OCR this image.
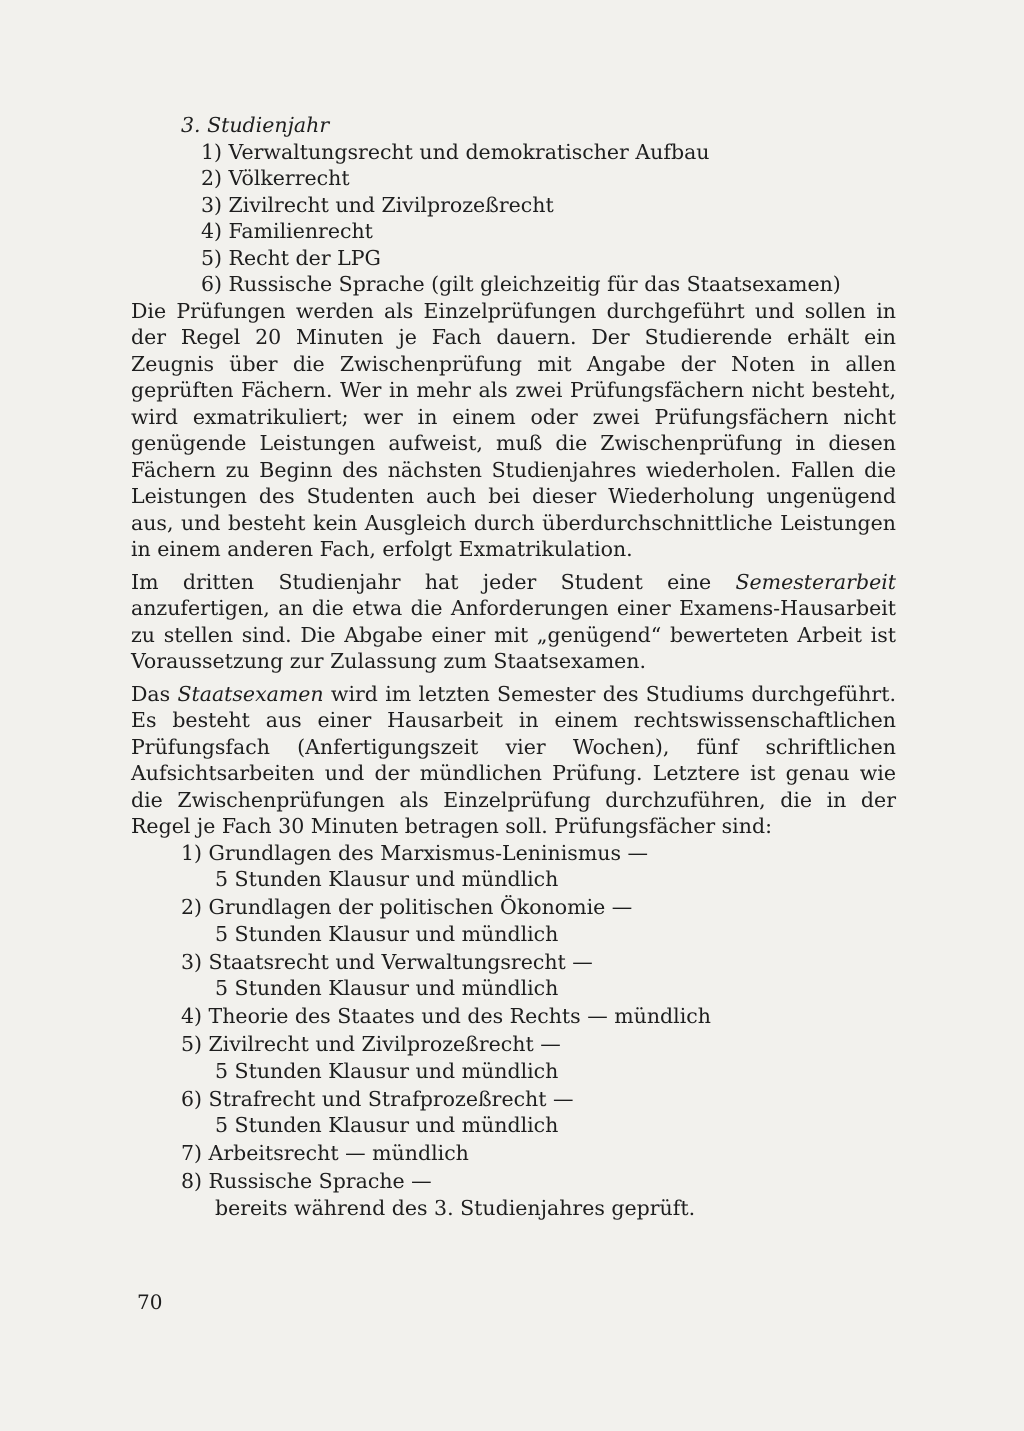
3. Studienjahr
1) Verwaltungsrecht und demokratischer Aufbau
2) Völkerrecht
3) Zivilrecht und Zivilprozeßrecht
4) Familienrecht
5) Recht der LPG
6) Russische Sprache (gilt gleichzeitig für das Staatsexamen)

Die Prüfungen werden als Einzelprüfungen durchgeführt und sollen in der Regel 20 Minuten je Fach dauern. Der Studierende erhält ein Zeugnis über die Zwischenprüfung mit Angabe der Noten in allen geprüften Fächern. Wer in mehr als zwei Prüfungsfächern nicht besteht, wird exmatrikuliert; wer in einem oder zwei Prüfungsfächern nicht genügende Leistungen aufweist, muß die Zwischenprüfung in diesen Fächern zu Beginn des nächsten Studienjahres wiederholen. Fallen die Leistungen des Studenten auch bei dieser Wiederholung ungenügend aus, und besteht kein Ausgleich durch überdurchschnittliche Leistungen in einem anderen Fach, erfolgt Exmatrikulation.

Im dritten Studienjahr hat jeder Student eine Semesterarbeit anzufertigen, an die etwa die Anforderungen einer Examens-Hausarbeit zu stellen sind. Die Abgabe einer mit „genügend“ bewerteten Arbeit ist Voraussetzung zur Zulassung zum Staatsexamen.

Das Staatsexamen wird im letzten Semester des Studiums durchgeführt. Es besteht aus einer Hausarbeit in einem rechtswissenschaftlichen Prüfungsfach (Anfertigungszeit vier Wochen), fünf schriftlichen Aufsichtsarbeiten und der mündlichen Prüfung. Letztere ist genau wie die Zwischenprüfungen als Einzelprüfung durchzuführen, die in der Regel je Fach 30 Minuten betragen soll. Prüfungsfächer sind:

1) Grundlagen des Marxismus-Leninismus —
5 Stunden Klausur und mündlich
2) Grundlagen der politischen Ökonomie —
5 Stunden Klausur und mündlich
3) Staatsrecht und Verwaltungsrecht —
5 Stunden Klausur und mündlich
4) Theorie des Staates und des Rechts — mündlich
5) Zivilrecht und Zivilprozeßrecht —
5 Stunden Klausur und mündlich
6) Strafrecht und Strafprozeßrecht —
5 Stunden Klausur und mündlich
7) Arbeitsrecht — mündlich
8) Russische Sprache —
bereits während des 3. Studienjahres geprüft.
70
